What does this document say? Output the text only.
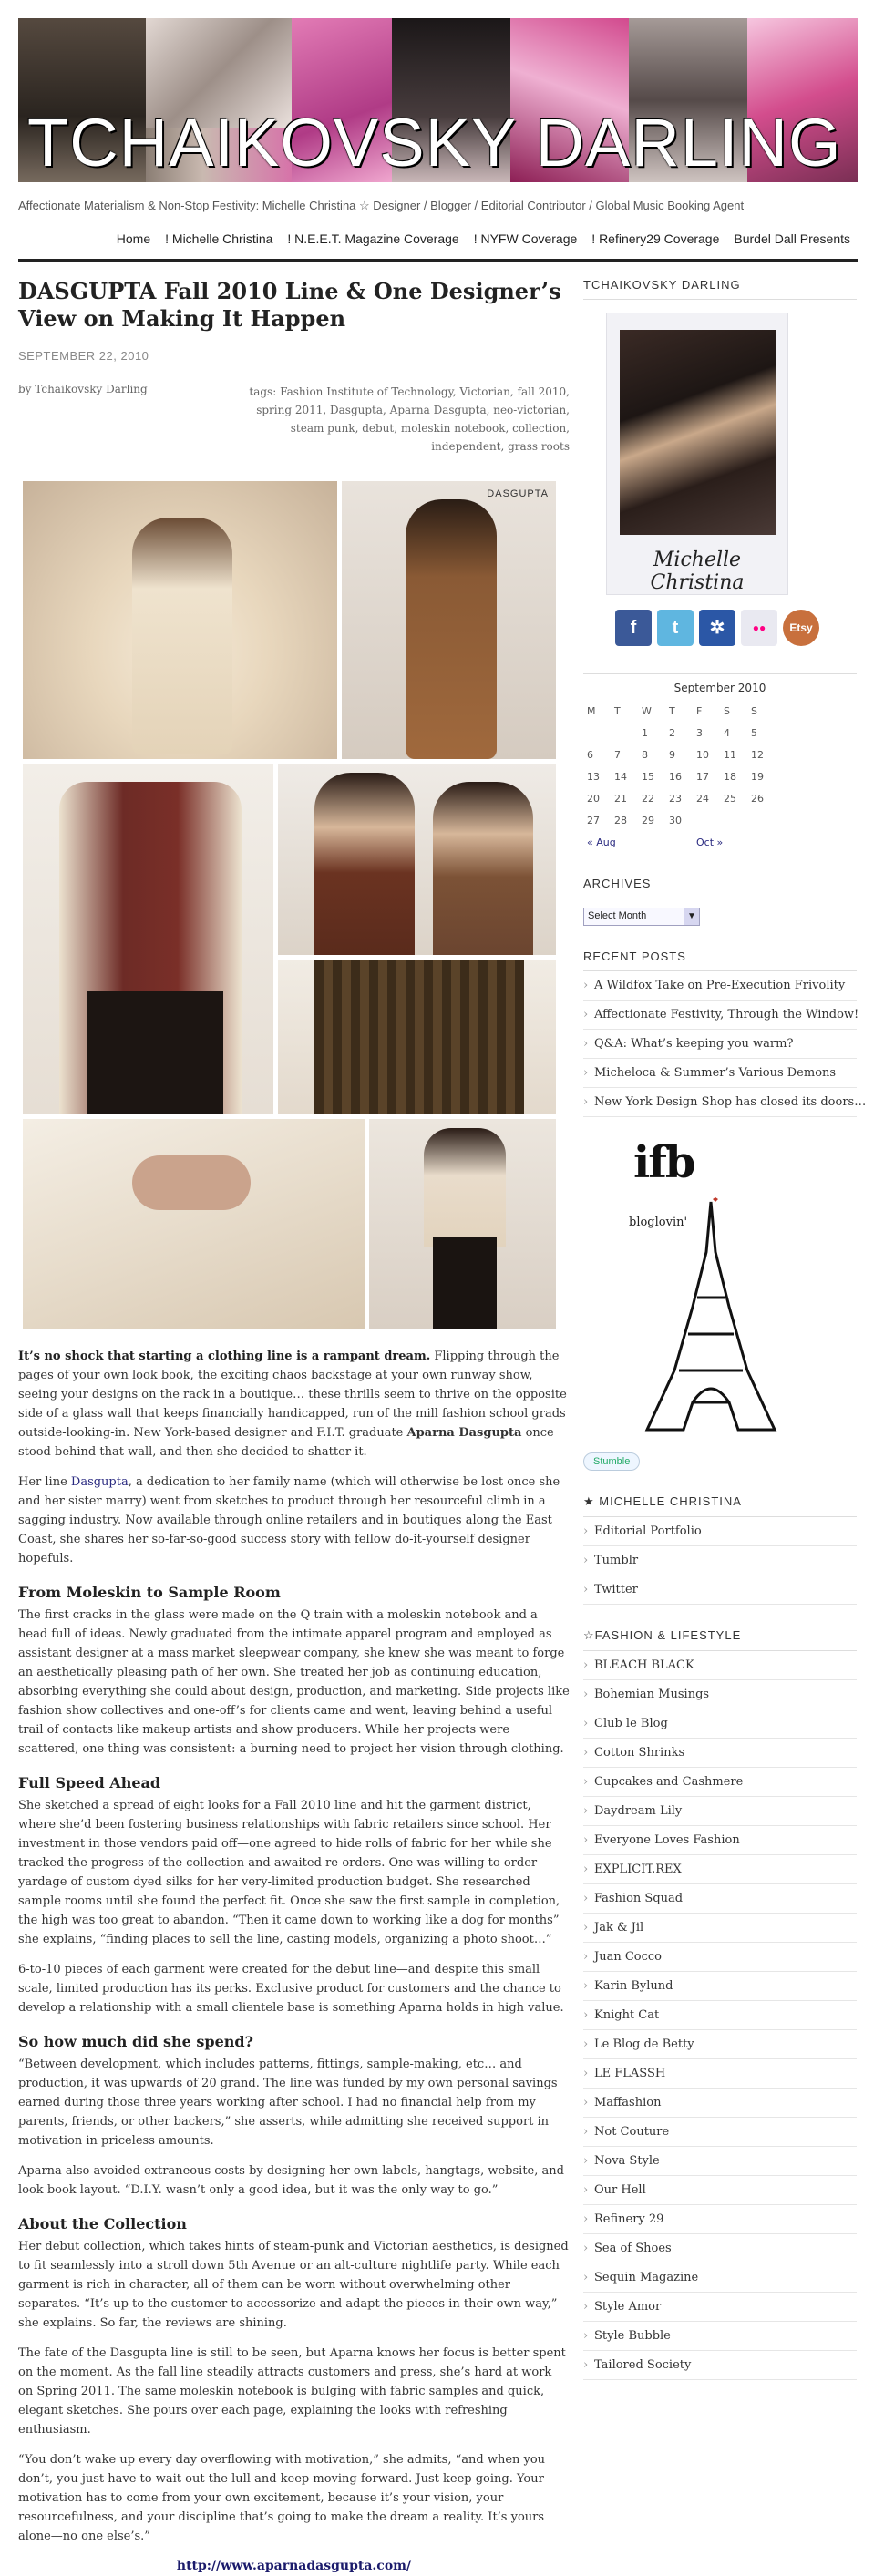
TCHAIKOVSKY DARLING
Affectionate Materialism & Non-Stop Festivity: Michelle Christina ☆ Designer / Blogger / Editorial Contributor / Global Music Booking Agent
Home	! Michelle Christina	! N.E.E.T. Magazine Coverage	! NYFW Coverage	! Refinery29 Coverage	Burdel Dall Presents
DASGUPTA Fall 2010 Line & One Designer’s View on Making It Happen
SEPTEMBER 22, 2010
by Tchaikovsky Darling	tags: Fashion Institute of Technology, Victorian, fall 2010, spring 2011, Dasgupta, Aparna Dasgupta, neo-victorian, steam punk, debut, moleskin notebook, collection, independent, grass roots
DASGUPTA

It’s no shock that starting a clothing line is a rampant dream. Flipping through the pages of your own look book, the exciting chaos backstage at your own runway show, seeing your designs on the rack in a boutique… these thrills seem to thrive on the opposite side of a glass wall that keeps financially handicapped, run of the mill fashion school grads outside-looking-in. New York-based designer and F.I.T. graduate Aparna Dasgupta once stood behind that wall, and then she decided to shatter it.

Her line Dasgupta, a dedication to her family name (which will otherwise be lost once she and her sister marry) went from sketches to product through her resourceful climb in a sagging industry. Now available through online retailers and in boutiques along the East Coast, she shares her so-far-so-good success story with fellow do-it-yourself designer hopefuls.

From Moleskin to Sample Room

The first cracks in the glass were made on the Q train with a moleskin notebook and a head full of ideas. Newly graduated from the intimate apparel program and employed as assistant designer at a mass market sleepwear company, she knew she was meant to forge an aesthetically pleasing path of her own. She treated her job as continuing education, absorbing everything she could about design, production, and marketing. Side projects like fashion show collectives and one-off’s for clients came and went, leaving behind a useful trail of contacts like makeup artists and show producers. While her projects were scattered, one thing was consistent: a burning need to project her vision through clothing.

Full Speed Ahead

She sketched a spread of eight looks for a Fall 2010 line and hit the garment district, where she’d been fostering business relationships with fabric retailers since school. Her investment in those vendors paid off—one agreed to hide rolls of fabric for her while she tracked the progress of the collection and awaited re-orders. One was willing to order yardage of custom dyed silks for her very-limited production budget. She researched sample rooms until she found the perfect fit. Once she saw the first sample in completion, the high was too great to abandon. “Then it came down to working like a dog for months” she explains, “finding places to sell the line, casting models, organizing a photo shoot…”

6-to-10 pieces of each garment were created for the debut line—and despite this small scale, limited production has its perks. Exclusive product for customers and the chance to develop a relationship with a small clientele base is something Aparna holds in high value.

So how much did she spend?

“Between development, which includes patterns, fittings, sample-making, etc… and production, it was upwards of 20 grand. The line was funded by my own personal savings earned during those three years working after school. I had no financial help from my parents, friends, or other backers,” she asserts, while admitting she received support in motivation in priceless amounts.

Aparna also avoided extraneous costs by designing her own labels, hangtags, website, and look book layout. “D.I.Y. wasn’t only a good idea, but it was the only way to go.”

About the Collection

Her debut collection, which takes hints of steam-punk and Victorian aesthetics, is designed to fit seamlessly into a stroll down 5th Avenue or an alt-culture nightlife party. While each garment is rich in character, all of them can be worn without overwhelming other separates. “It’s up to the customer to accessorize and adapt the pieces in their own way,” she explains. So far, the reviews are shining.

The fate of the Dasgupta line is still to be seen, but Aparna knows her focus is better spent on the moment. As the fall line steadily attracts customers and press, she’s hard at work on Spring 2011. The same moleskin notebook is bulging with fabric samples and quick, elegant sketches. She pours over each page, explaining the looks with refreshing enthusiasm.

“You don’t wake up every day overflowing with motivation,” she admits, “and when you don’t, you just have to wait out the lull and keep moving forward. Just keep going. Your motivation has to come from your own excitement, because it’s your vision, your resourcefulness, and your discipline that’s going to make the dream a reality. It’s yours alone—no one else’s.”

http://www.aparnadasgupta.com/
TCHAIKOVSKY DARLING
Michelle Christina
f	t	✲	●●	Etsy
September 2010
M	T	W	T	F	S	S
		1	2	3	4	5
6	7	8	9	10	11	12
13	14	15	16	17	18	19
20	21	22	23	24	25	26
27	28	29	30			
« Aug				Oct »		
ARCHIVES
Select Month	▼
RECENT POSTS
› A Wildfox Take on Pre-Execution Frivolity
› Affectionate Festivity, Through the Window!
› Q&A: What’s keeping you warm?
› Micheloca & Summer’s Various Demons
› New York Design Shop has closed its doors…
ifb
bloglovin'
Stumble
★ MICHELLE CHRISTINA
› Editorial Portfolio
› Tumblr
› Twitter
☆FASHION & LIFESTYLE
› BLEACH BLACK
› Bohemian Musings
› Club le Blog
› Cotton Shrinks
› Cupcakes and Cashmere
› Daydream Lily
› Everyone Loves Fashion
› EXPLICIT.REX
› Fashion Squad
› Jak & Jil
› Juan Cocco
› Karin Bylund
› Knight Cat
› Le Blog de Betty
› LE FLASSH
› Maffashion
› Not Couture
› Nova Style
› Our Hell
› Refinery 29
› Sea of Shoes
› Sequin Magazine
› Style Amor
› Style Bubble
› Tailored Society
